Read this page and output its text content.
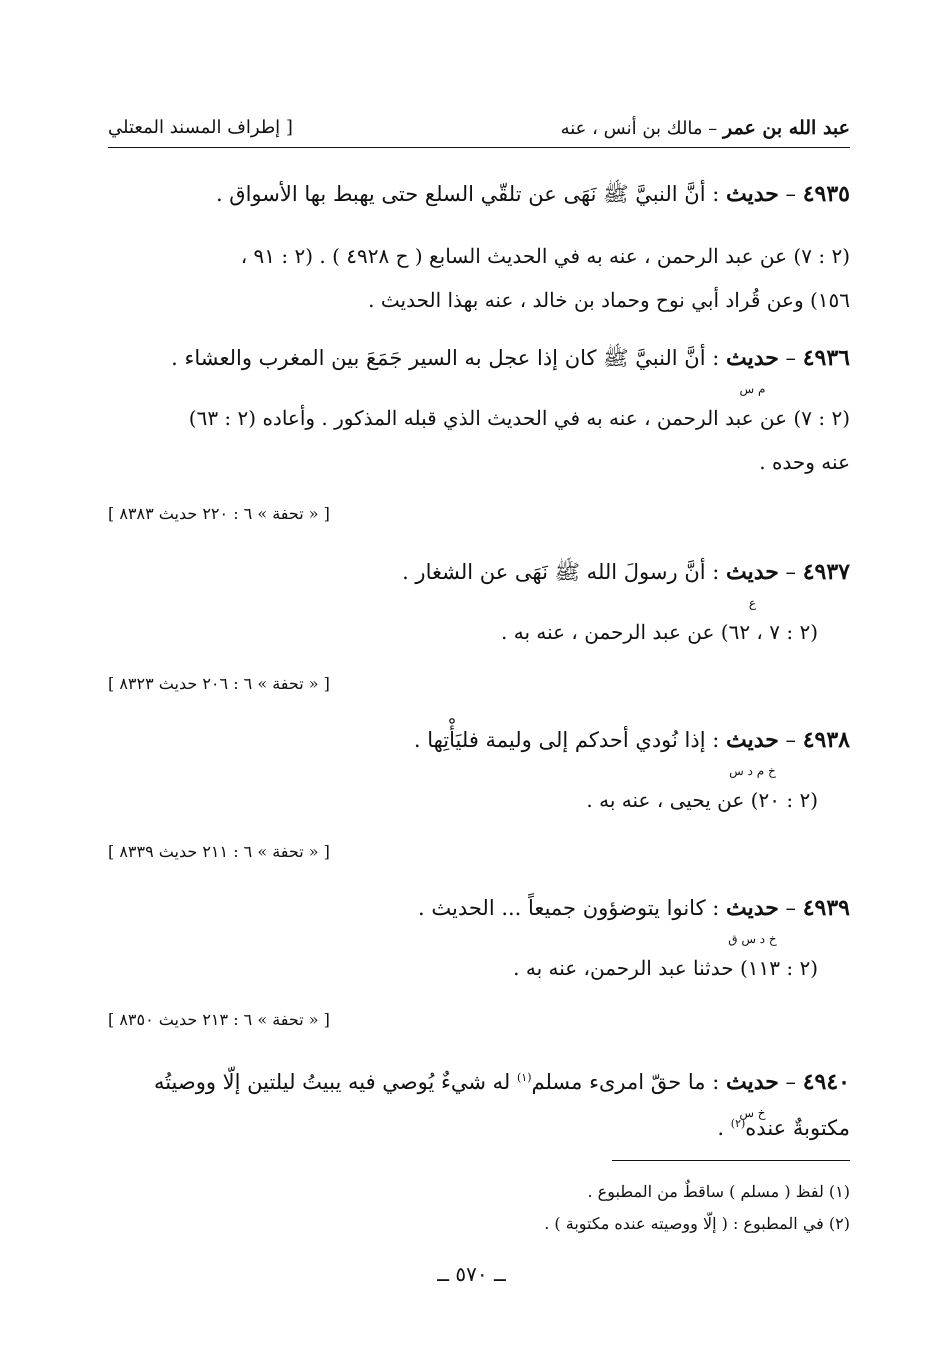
عبد الله بن عمر – مالك بن أنس ، عنه
[ إطراف المسند المعتلي
٤٩٣٥ – حديث : أنَّ النبيَّ ﷺ نَهَى عن تلقّي السلع حتى يهبط بها الأسواق .
(٢ : ٧) عن عبد الرحمن ، عنه به في الحديث السابع ( ح ٤٩٢٨ ) . (٢ : ٩١ ،
١٥٦) وعن قُراد أبي نوح وحماد بن خالد ، عنه بهذا الحديث .
٤٩٣٦ – حديث
م س
: أنَّ النبيَّ ﷺ كان إذا عجل به السير جَمَعَ بين المغرب والعشاء .
(٢ : ٧) عن عبد الرحمن ، عنه به في الحديث الذي قبله المذكور . وأعاده (٢ : ٦٣)
عنه وحده .
[ « تحفة » ٦ : ٢٢٠ حديث ٨٣٨٣ ]
٤٩٣٧ – حديث
ع
: أنَّ رسولَ الله ﷺ نَهَى عن الشغار .
(٢ : ٧ ، ٦٢) عن عبد الرحمن ، عنه به .
[ « تحفة » ٦ : ٢٠٦ حديث ٨٣٢٣ ]
٤٩٣٨ – حديث
خ م د س
: إذا نُودي أحدكم إلى وليمة فليَأْتِها .
(٢ : ٢٠) عن يحيى ، عنه به .
[ « تحفة » ٦ : ٢١١ حديث ٨٣٣٩ ]
٤٩٣٩ – حديث
خ د س ق
: كانوا يتوضؤون جميعاً ... الحديث .
(٢ : ١١٣) حدثنا عبد الرحمن، عنه به .
[ « تحفة » ٦ : ٢١٣ حديث ٨٣٥٠ ]
٤٩٤٠ – حديث
خ س
: ما حقّ امرىء مسلم$^{(١)}$ له شيءٌ يُوصي فيه يبيتُ ليلتين إلّا ووصيتُه
مكتوبةٌ عنده$^{(٢)}$ .
(١) لفظ ( مسلم ) ساقطٌ من المطبوع .
(٢) في المطبوع : ( إلّا ووصيته عنده مكتوبة ) .
ــ ٥٧٠ ــ
